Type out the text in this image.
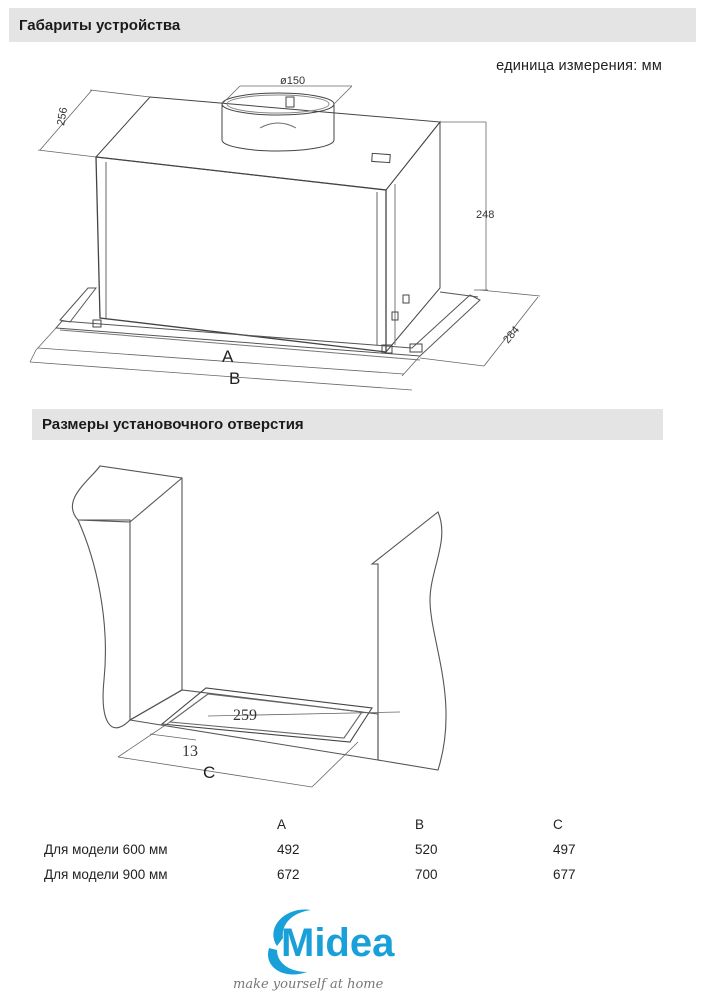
Габариты устройства
единица измерения: мм
ø150
256
248
284
A
B
Размеры установочного отверстия
259
13
C
	A	B	C
Для модели 600 мм	492	520	497
Для модели 900 мм	672	700	677
Midea
make yourself at home
